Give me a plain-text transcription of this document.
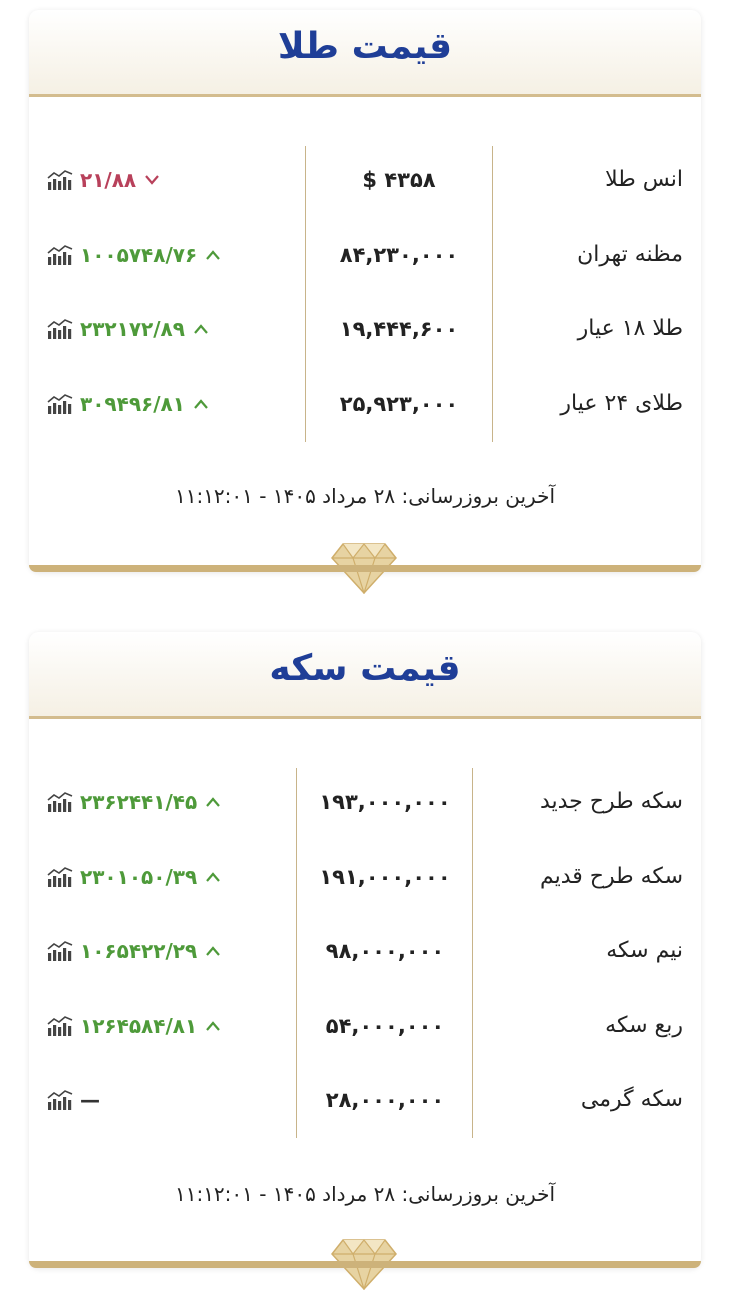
قیمت طلا
انس طلا
$ ۴۳۵۸
۲۱/۸۸
مظنه تهران
۸۴,۲۳۰,۰۰۰
۱۰۰۵۷۴۸/۷۶
طلا ۱۸ عیار
۱۹,۴۴۴,۶۰۰
۲۳۲۱۷۲/۸۹
طلای ۲۴ عیار
۲۵,۹۲۳,۰۰۰
۳۰۹۴۹۶/۸۱
آخرین بروزرسانی: ۲۸ مرداد ۱۴۰۵ - ۱۱:۱۲:۰۱
قیمت سکه
سکه طرح جدید
۱۹۳,۰۰۰,۰۰۰
۲۳۶۲۴۴۱/۴۵
سکه طرح قدیم
۱۹۱,۰۰۰,۰۰۰
۲۳۰۱۰۵۰/۳۹
نیم سکه
۹۸,۰۰۰,۰۰۰
۱۰۶۵۴۲۲/۲۹
ربع سکه
۵۴,۰۰۰,۰۰۰
۱۲۶۴۵۸۴/۸۱
سکه گرمی
۲۸,۰۰۰,۰۰۰
—
آخرین بروزرسانی: ۲۸ مرداد ۱۴۰۵ - ۱۱:۱۲:۰۱
